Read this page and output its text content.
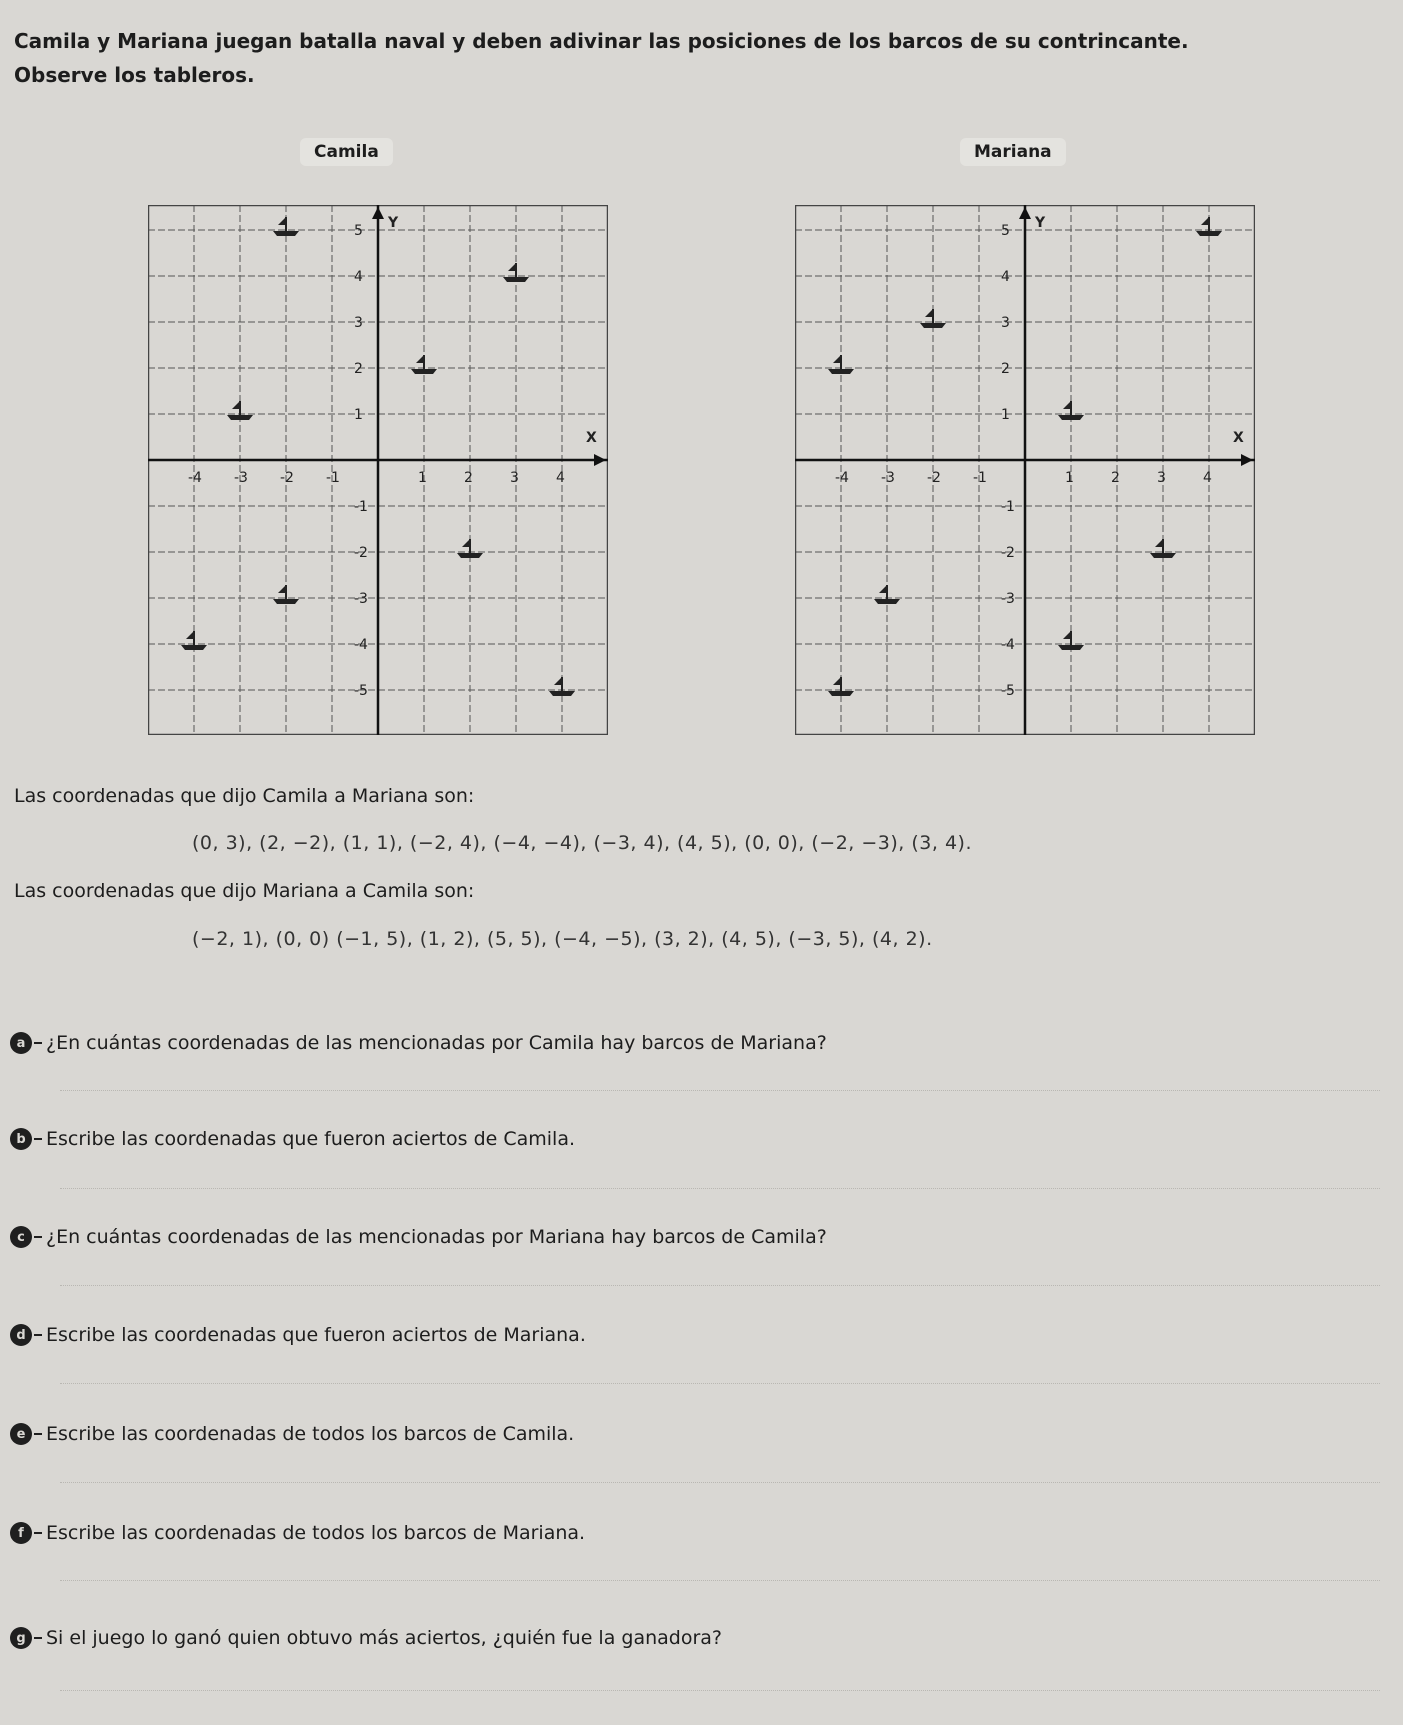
Camila y Mariana juegan batalla naval y deben adivinar las posiciones de los barcos de su contrincante.
Observe los tableros.
Camila	Mariana
X
Y
-4 -3 -2 -1	1	2	3	4
5
4
3
2
1
-1
-2
-3
-4
-5
X
Y
-4 -3 -2 -1	1	2	3	4
5
4
3
2
1
-1
-2
-3
-4
-5
Las coordenadas que dijo Camila a Mariana son:
(0, 3), (2, −2), (1, 1), (−2, 4), (−4, −4), (−3, 4), (4, 5), (0, 0), (−2, −3), (3, 4).
Las coordenadas que dijo Mariana a Camila son:
(−2, 1), (0, 0) (−1, 5), (1, 2), (5, 5), (−4, −5), (3, 2), (4, 5), (−3, 5), (4, 2).
a	¿En cuántas coordenadas de las mencionadas por Camila hay barcos de Mariana?
b	Escribe las coordenadas que fueron aciertos de Camila.
c	¿En cuántas coordenadas de las mencionadas por Mariana hay barcos de Camila?
d	Escribe las coordenadas que fueron aciertos de Mariana.
e	Escribe las coordenadas de todos los barcos de Camila.
f	Escribe las coordenadas de todos los barcos de Mariana.
g	Si el juego lo ganó quien obtuvo más aciertos, ¿quién fue la ganadora?
